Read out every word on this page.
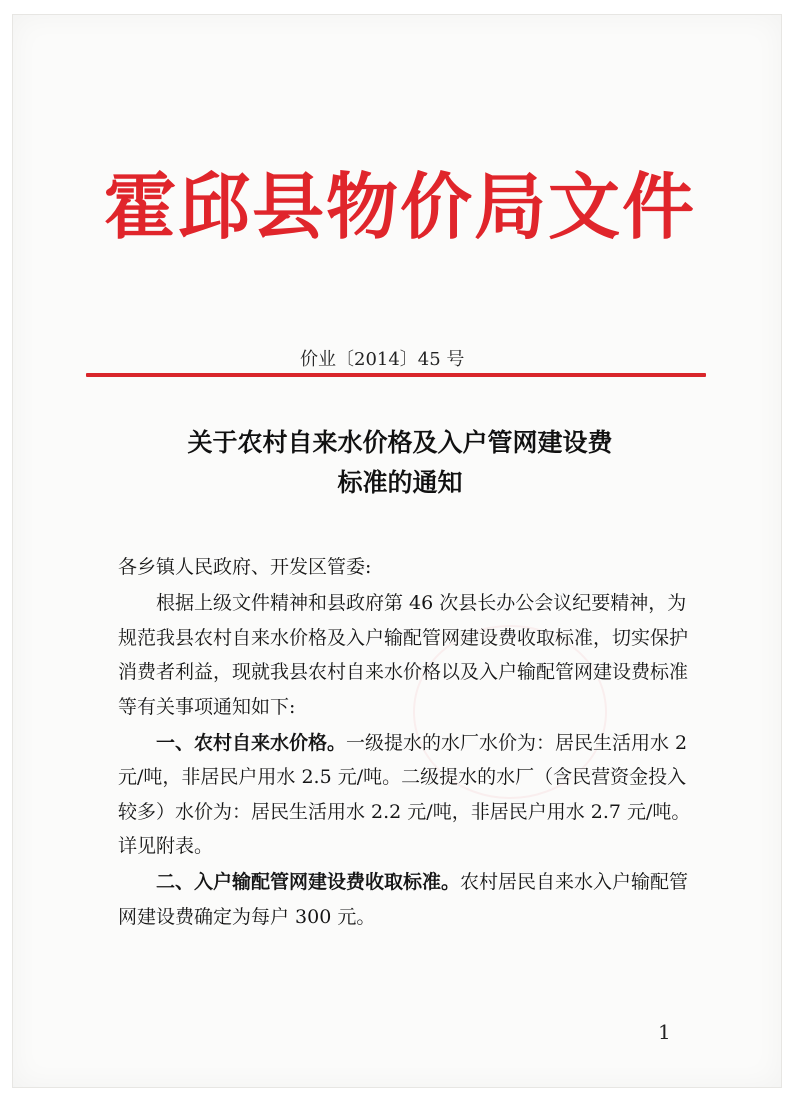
霍邱县物价局文件
价业〔2014〕45 号
关于农村自来水价格及入户管网建设费
标准的通知

各乡镇人民政府、开发区管委:

根据上级文件精神和县政府第 46 次县长办公会议纪要精神，为规范我县农村自来水价格及入户输配管网建设费收取标准，切实保护消费者利益，现就我县农村自来水价格以及入户输配管网建设费标准等有关事项通知如下:

一、农村自来水价格。一级提水的水厂水价为：居民生活用水 2 元/吨，非居民户用水 2.5 元/吨。二级提水的水厂（含民营资金投入较多）水价为：居民生活用水 2.2 元/吨，非居民户用水 2.7 元/吨。详见附表。

二、入户输配管网建设费收取标准。农村居民自来水入户输配管网建设费确定为每户 300 元。

1
